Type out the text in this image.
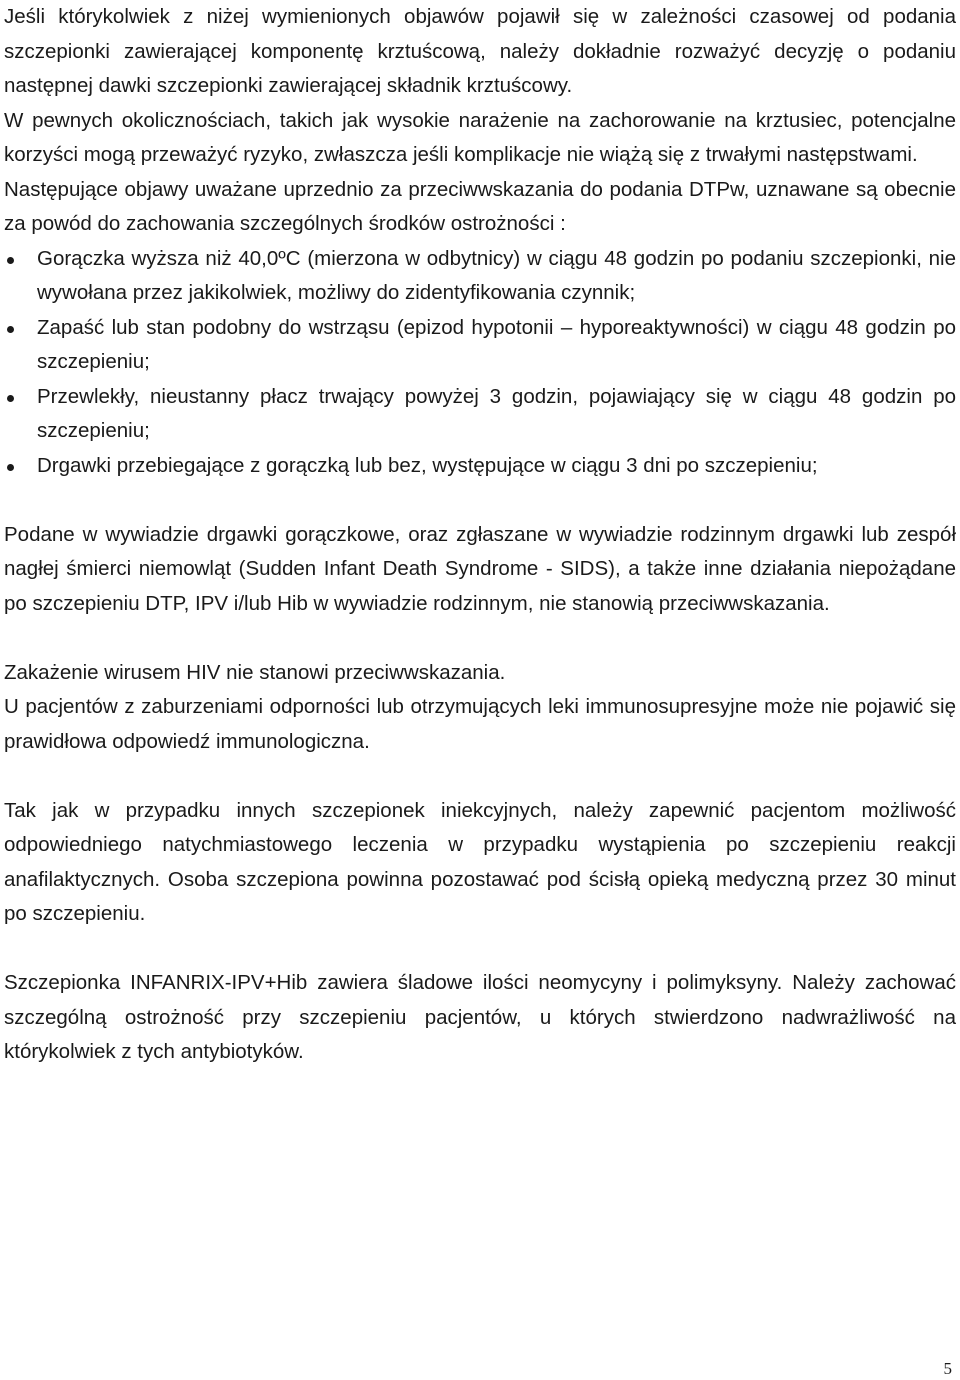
Jeśli którykolwiek z niżej wymienionych objawów pojawił się w zależności czasowej od podania szczepionki zawierającej komponentę krztuścową, należy dokładnie rozważyć decyzję o podaniu następnej dawki szczepionki zawierającej składnik krztuścowy.

W pewnych okolicznościach, takich jak wysokie narażenie na zachorowanie na krztusiec, potencjalne korzyści mogą przeważyć ryzyko, zwłaszcza jeśli komplikacje nie wiążą się z trwałymi następstwami.

Następujące objawy uważane uprzednio za przeciwwskazania do podania DTPw, uznawane są obecnie za powód do zachowania szczególnych środków ostrożności :

Gorączka wyższa niż 40,0ºC (mierzona w odbytnicy) w ciągu 48 godzin po podaniu szczepionki, nie wywołana przez jakikolwiek, możliwy do zidentyfikowania czynnik;
Zapaść lub stan podobny do wstrząsu (epizod hypotonii – hyporeaktywności) w ciągu 48 godzin po szczepieniu;
Przewlekły, nieustanny płacz trwający powyżej 3 godzin, pojawiający się w ciągu 48 godzin po szczepieniu;
Drgawki przebiegające z gorączką lub bez, występujące w ciągu 3 dni po szczepieniu;

Podane w wywiadzie drgawki gorączkowe, oraz zgłaszane w wywiadzie rodzinnym drgawki lub zespół nagłej śmierci niemowląt (Sudden Infant Death Syndrome - SIDS), a także inne działania niepożądane po szczepieniu DTP, IPV i/lub Hib w wywiadzie rodzinnym, nie stanowią przeciwwskazania.

Zakażenie wirusem HIV nie stanowi przeciwwskazania.

U pacjentów z zaburzeniami odporności lub otrzymujących leki immunosupresyjne może nie pojawić się prawidłowa odpowiedź immunologiczna.

Tak jak w przypadku innych szczepionek iniekcyjnych, należy zapewnić pacjentom możliwość odpowiedniego natychmiastowego leczenia w przypadku wystąpienia po szczepieniu reakcji anafilaktycznych. Osoba szczepiona powinna pozostawać pod ścisłą opieką medyczną przez 30 minut po szczepieniu.

Szczepionka INFANRIX-IPV+Hib zawiera śladowe ilości neomycyny i polimyksyny. Należy zachować szczególną ostrożność przy szczepieniu pacjentów, u których stwierdzono nadwrażliwość na którykolwiek z tych antybiotyków.

5
